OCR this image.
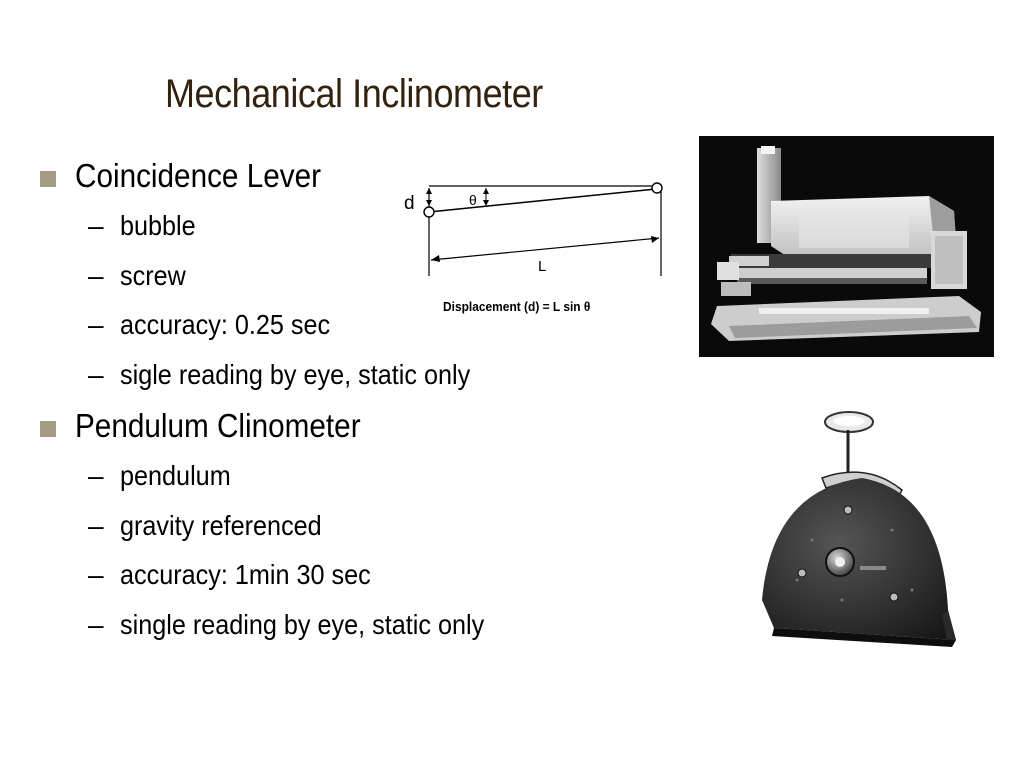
Mechanical Inclinometer
Coincidence Lever
– bubble
– screw
– accuracy: 0.25 sec
– sigle reading by eye, static only
Pendulum Clinometer
– pendulum
– gravity referenced
– accuracy: 1min 30 sec
– single reading by eye, static only
d	θ
L
Displacement (d) = L sin θ
